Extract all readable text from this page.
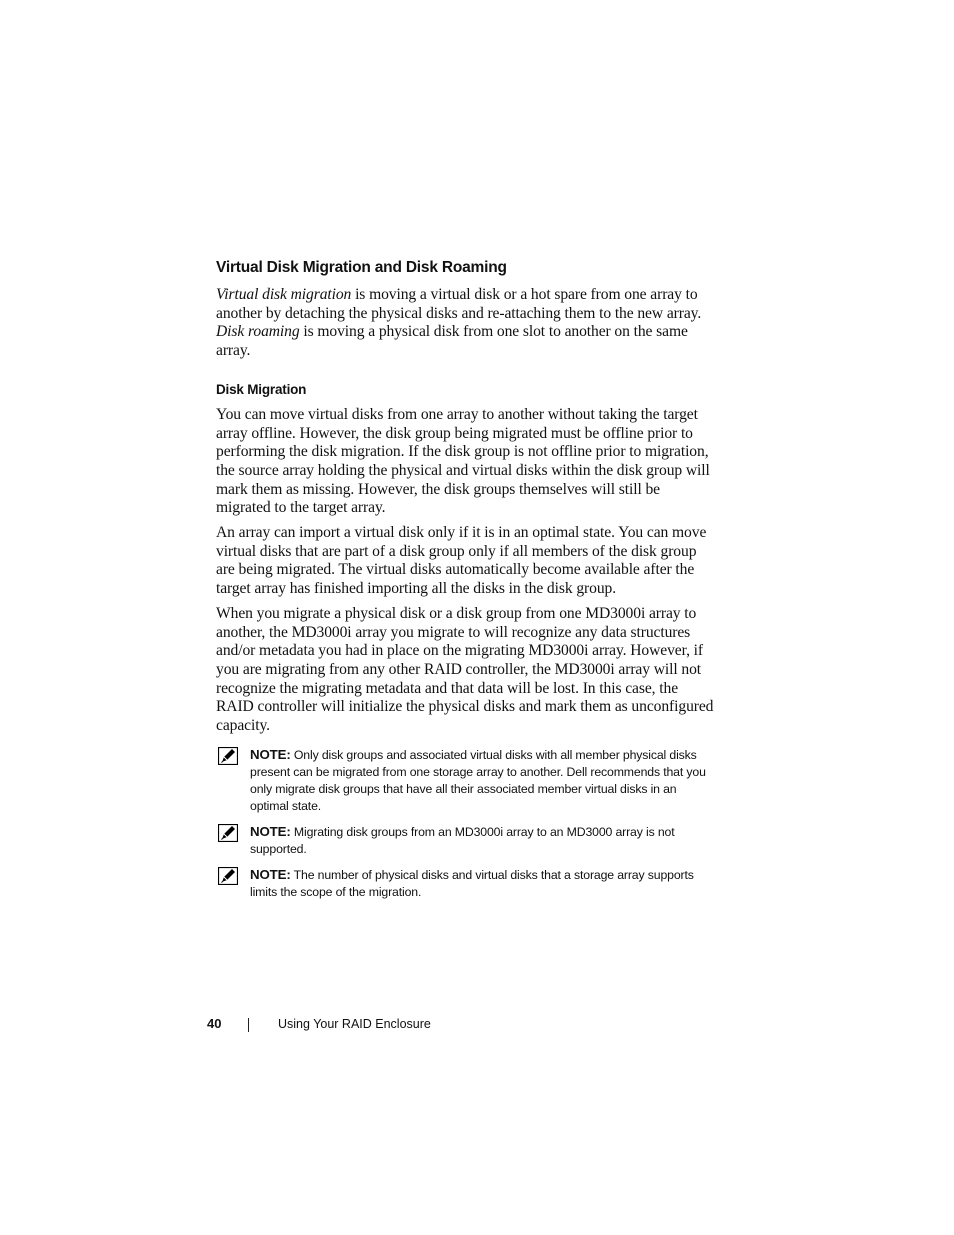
Virtual Disk Migration and Disk Roaming

Virtual disk migration is moving a virtual disk or a hot spare from one array to another by detaching the physical disks and re-attaching them to the new array. Disk roaming is moving a physical disk from one slot to another on the same array.

Disk Migration

You can move virtual disks from one array to another without taking the target array offline. However, the disk group being migrated must be offline prior to performing the disk migration. If the disk group is not offline prior to migration, the source array holding the physical and virtual disks within the disk group will mark them as missing. However, the disk groups themselves will still be migrated to the target array.

An array can import a virtual disk only if it is in an optimal state. You can move virtual disks that are part of a disk group only if all members of the disk group are being migrated. The virtual disks automatically become available after the target array has finished importing all the disks in the disk group.

When you migrate a physical disk or a disk group from one MD3000i array to another, the MD3000i array you migrate to will recognize any data structures and/or metadata you had in place on the migrating MD3000i array. However, if you are migrating from any other RAID controller, the MD3000i array will not recognize the migrating metadata and that data will be lost. In this case, the RAID controller will initialize the physical disks and mark them as unconfigured capacity.

NOTE: Only disk groups and associated virtual disks with all member physical disks present can be migrated from one storage array to another. Dell recommends that you only migrate disk groups that have all their associated member virtual disks in an optimal state.
NOTE: Migrating disk groups from an MD3000i array to an MD3000 array is not supported.
NOTE: The number of physical disks and virtual disks that a storage array supports limits the scope of the migration.
40	Using Your RAID Enclosure
